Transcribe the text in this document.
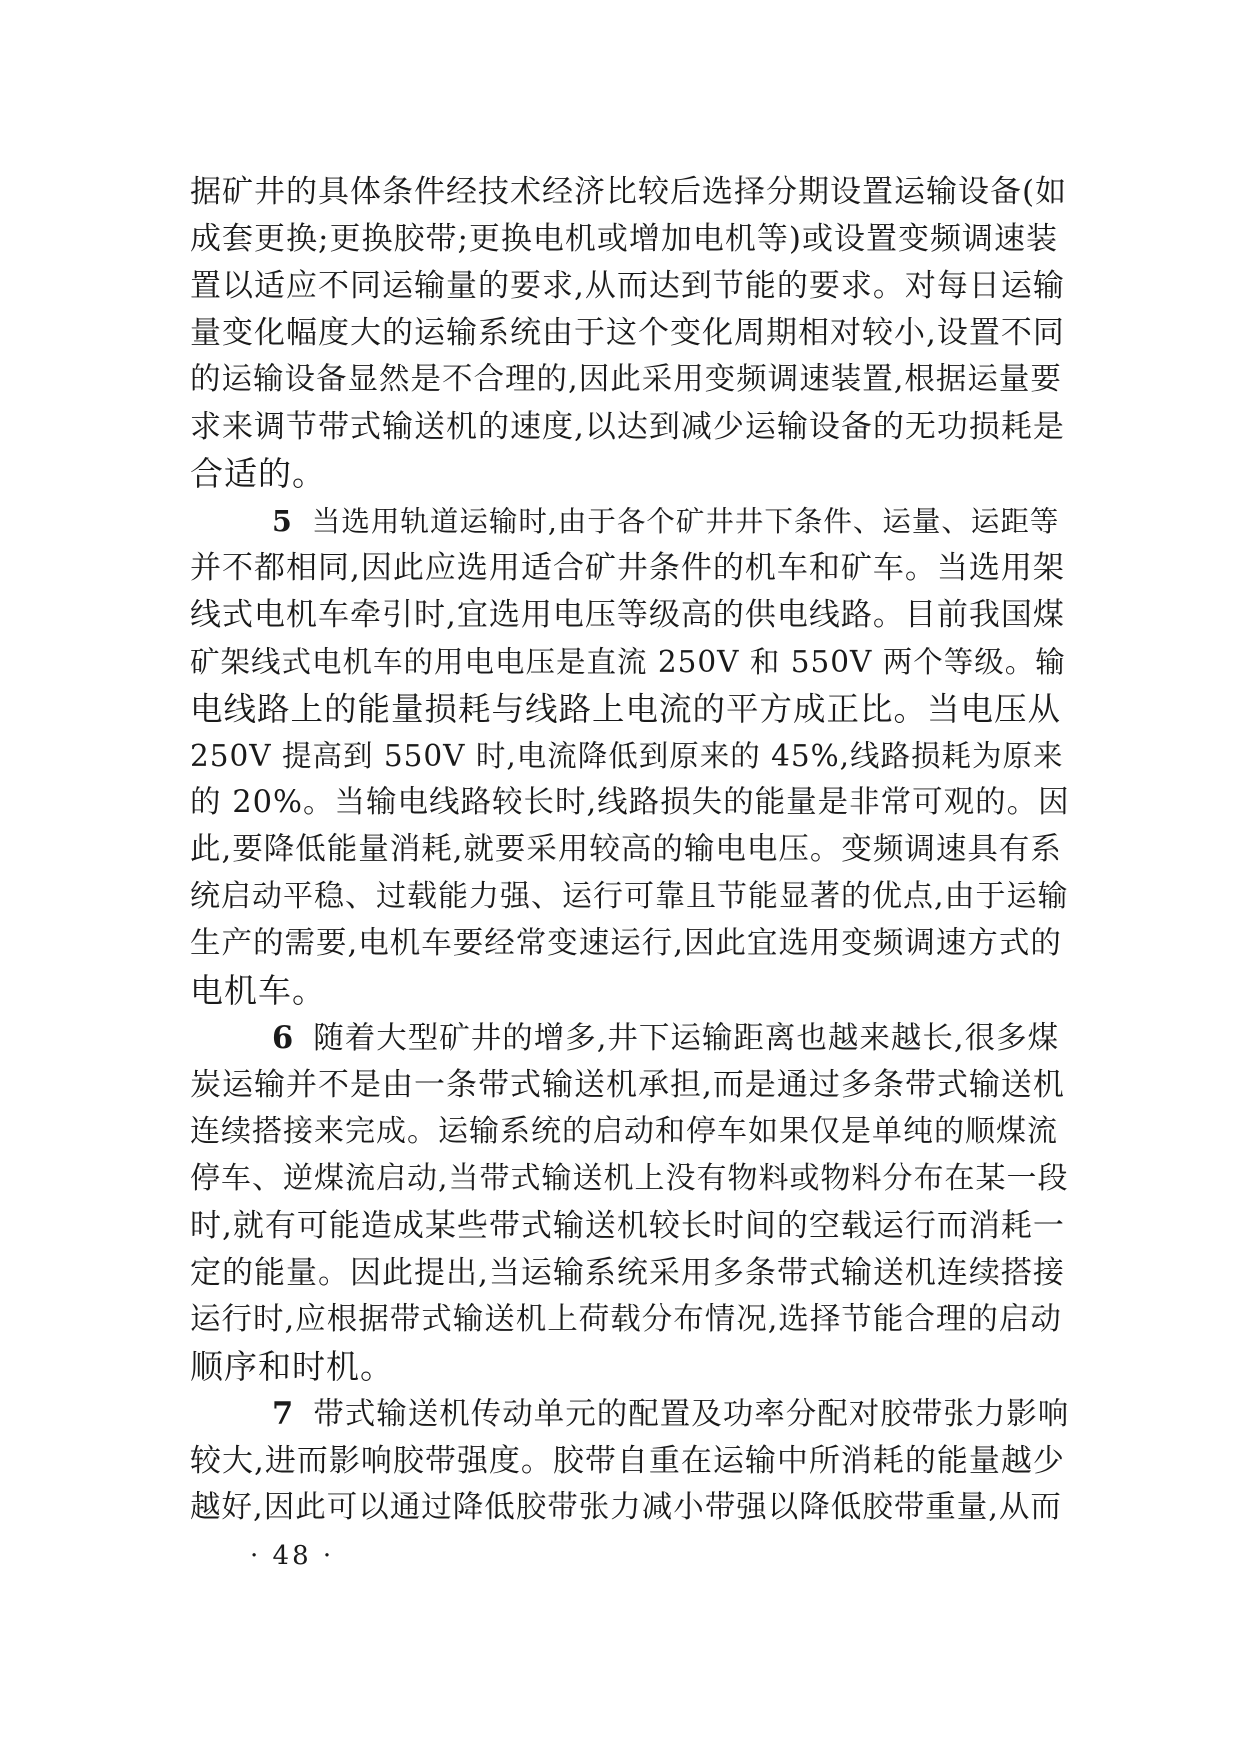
据矿井的具体条件经技术经济比较后选择分期设置运输设备(如
成套更换;更换胶带;更换电机或增加电机等)或设置变频调速装
置以适应不同运输量的要求,从而达到节能的要求。对每日运输
量变化幅度大的运输系统由于这个变化周期相对较小,设置不同
的运输设备显然是不合理的,因此采用变频调速装置,根据运量要
求来调节带式输送机的速度,以达到减少运输设备的无功损耗是
合适的。
5 当选用轨道运输时,由于各个矿井井下条件、运量、运距等
并不都相同,因此应选用适合矿井条件的机车和矿车。当选用架
线式电机车牵引时,宜选用电压等级高的供电线路。目前我国煤
矿架线式电机车的用电电压是直流 250V 和 550V 两个等级。输
电线路上的能量损耗与线路上电流的平方成正比。当电压从
250V 提高到 550V 时,电流降低到原来的 45%,线路损耗为原来
的 20%。当输电线路较长时,线路损失的能量是非常可观的。因
此,要降低能量消耗,就要采用较高的输电电压。变频调速具有系
统启动平稳、过载能力强、运行可靠且节能显著的优点,由于运输
生产的需要,电机车要经常变速运行,因此宜选用变频调速方式的
电机车。
6 随着大型矿井的增多,井下运输距离也越来越长,很多煤
炭运输并不是由一条带式输送机承担,而是通过多条带式输送机
连续搭接来完成。运输系统的启动和停车如果仅是单纯的顺煤流
停车、逆煤流启动,当带式输送机上没有物料或物料分布在某一段
时,就有可能造成某些带式输送机较长时间的空载运行而消耗一
定的能量。因此提出,当运输系统采用多条带式输送机连续搭接
运行时,应根据带式输送机上荷载分布情况,选择节能合理的启动
顺序和时机。
7 带式输送机传动单元的配置及功率分配对胶带张力影响
较大,进而影响胶带强度。胶带自重在运输中所消耗的能量越少
越好,因此可以通过降低胶带张力减小带强以降低胶带重量,从而
· 48 ·
